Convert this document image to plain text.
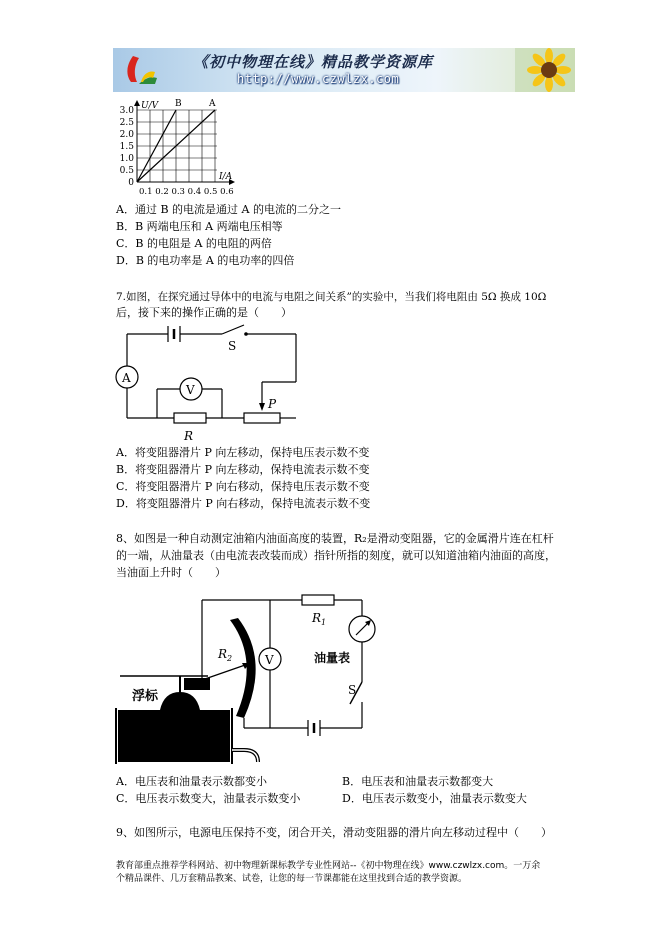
《初中物理在线》精品教学资源库
http://www.czwlzx.com
U/V
I/A
B	A
3.0
2.5
2.0
1.5
1.0
0.5
0
0.1 0.2 0.3 0.4 0.5 0.6
A．通过 B 的电流是通过 A 的电流的二分之一
B．B 两端电压和 A 两端电压相等
C．B 的电阻是 A 的电阻的两倍
D．B 的电功率是 A 的电功率的四倍
7.如图，在探究通过导体中的电流与电阻之间关系”的实验中，当我们将电阻由 5Ω 换成 10Ω
后，接下来的操作正确的是（　　）
S
A
V
R
P
A．将变阻器滑片 P 向左移动，保持电压表示数不变
B．将变阻器滑片 P 向左移动，保持电流表示数不变
C．将变阻器滑片 P 向右移动，保持电压表示数不变
D．将变阻器滑片 P 向右移动，保持电流表示数不变
8、如图是一种自动测定油箱内油面高度的装置，R₂是滑动变阻器，它的金属滑片连在杠杆
的一端，从油量表（由电流表改装而成）指针所指的刻度，就可以知道油箱内油面的高度，
当油面上升时（　　）
$R_1$
油量表
S
V
$R_2$
浮标
A．电压表和油量表示数都变小	B．电压表和油量表示数都变大
C．电压表示数变大，油量表示数变小	D．电压表示数变小，油量表示数变大
9、如图所示，电源电压保持不变，闭合开关，滑动变阻器的滑片向左移动过程中（　　）
教育部重点推荐学科网站、初中物理新课标教学专业性网站--《初中物理在线》www.czwlzx.com。一万余
个精品课件、几万套精品教案、试卷，让您的每一节课都能在这里找到合适的教学资源。
